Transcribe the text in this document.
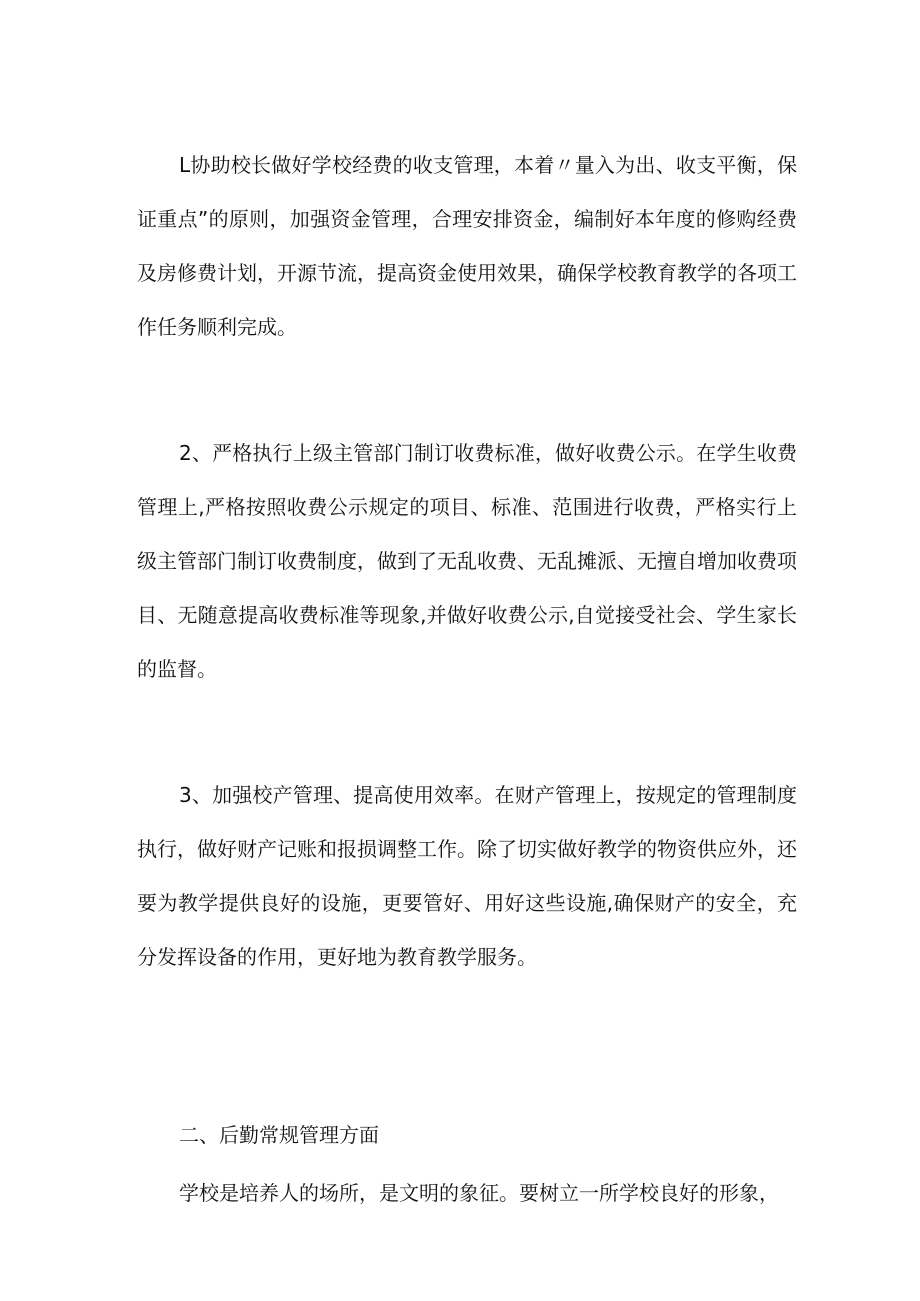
L协助校长做好学校经费的收支管理，本着〃量入为出、收支平衡，保证重点”的原则，加强资金管理，合理安排资金，编制好本年度的修购经费及房修费计划，开源节流，提高资金使用效果，确保学校教育教学的各项工作任务顺利完成。

2、严格执行上级主管部门制订收费标准，做好收费公示。在学生收费管理上,严格按照收费公示规定的项目、标准、范围进行收费，严格实行上级主管部门制订收费制度，做到了无乱收费、无乱摊派、无擅自增加收费项目、无随意提高收费标准等现象,并做好收费公示,自觉接受社会、学生家长的监督。

3、加强校产管理、提高使用效率。在财产管理上，按规定的管理制度执行，做好财产记账和报损调整工作。除了切实做好教学的物资供应外，还要为教学提供良好的设施，更要管好、用好这些设施,确保财产的安全，充分发挥设备的作用，更好地为教育教学服务。

二、后勤常规管理方面

学校是培养人的场所，是文明的象征。要树立一所学校良好的形象，
